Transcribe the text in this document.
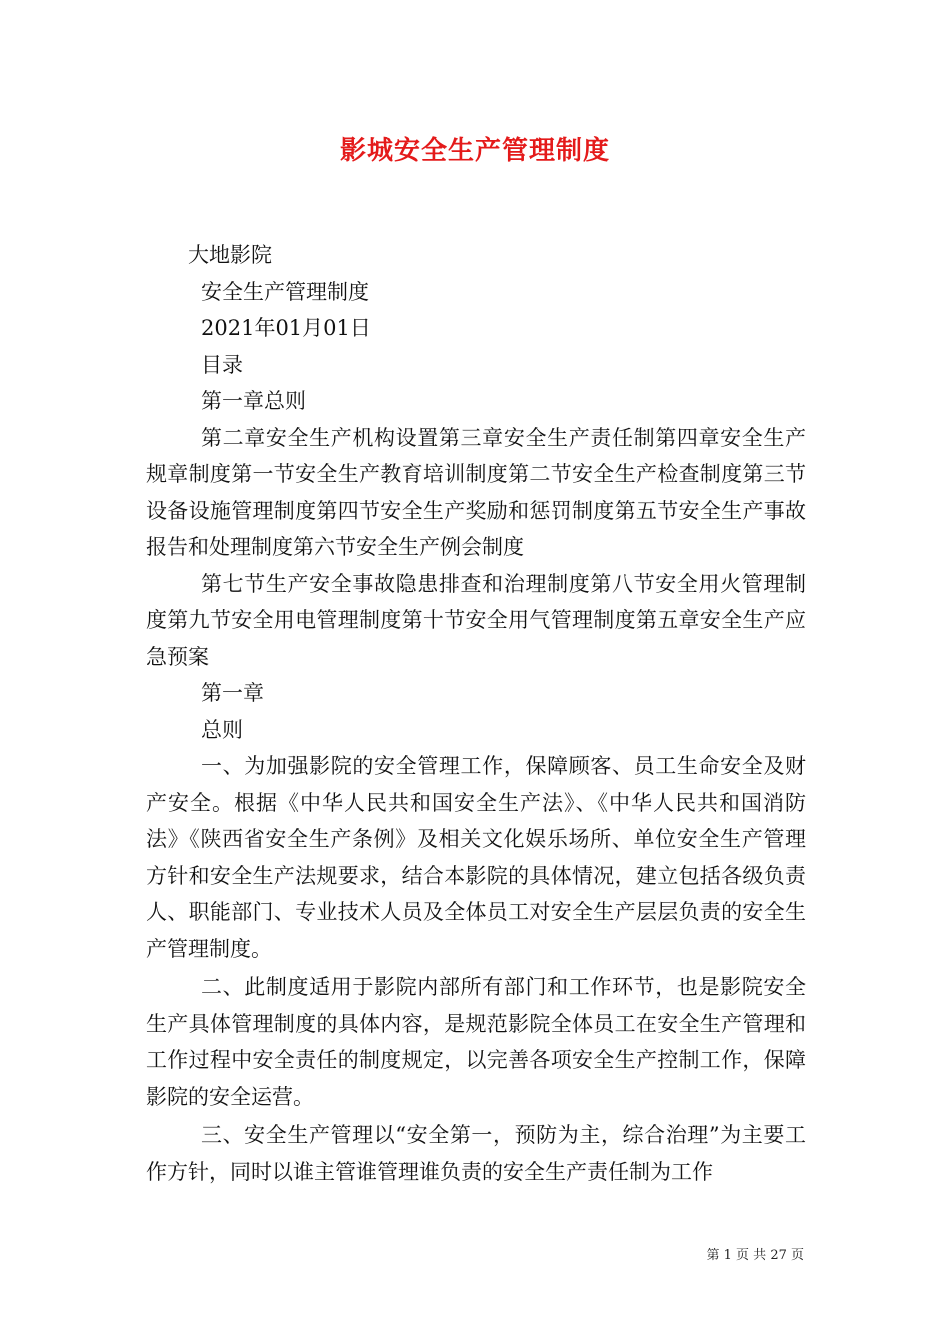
影城安全生产管理制度

大地影院

安全生产管理制度

2021年01月01日

目录

第一章总则

第二章安全生产机构设置第三章安全生产责任制第四章安全生产规章制度第一节安全生产教育培训制度第二节安全生产检查制度第三节设备设施管理制度第四节安全生产奖励和惩罚制度第五节安全生产事故报告和处理制度第六节安全生产例会制度

第七节生产安全事故隐患排查和治理制度第八节安全用火管理制度第九节安全用电管理制度第十节安全用气管理制度第五章安全生产应急预案

第一章

总则

一、为加强影院的安全管理工作，保障顾客、员工生命安全及财产安全。根据《中华人民共和国安全生产法》、《中华人民共和国消防法》《陕西省安全生产条例》及相关文化娱乐场所、单位安全生产管理方针和安全生产法规要求，结合本影院的具体情况，建立包括各级负责人、职能部门、专业技术人员及全体员工对安全生产层层负责的安全生产管理制度。

二、此制度适用于影院内部所有部门和工作环节，也是影院安全生产具体管理制度的具体内容，是规范影院全体员工在安全生产管理和工作过程中安全责任的制度规定，以完善各项安全生产控制工作，保障影院的安全运营。

三、安全生产管理以“安全第一，预防为主，综合治理”为主要工作方针，同时以谁主管谁管理谁负责的安全生产责任制为工作

第 1 页 共 27 页
